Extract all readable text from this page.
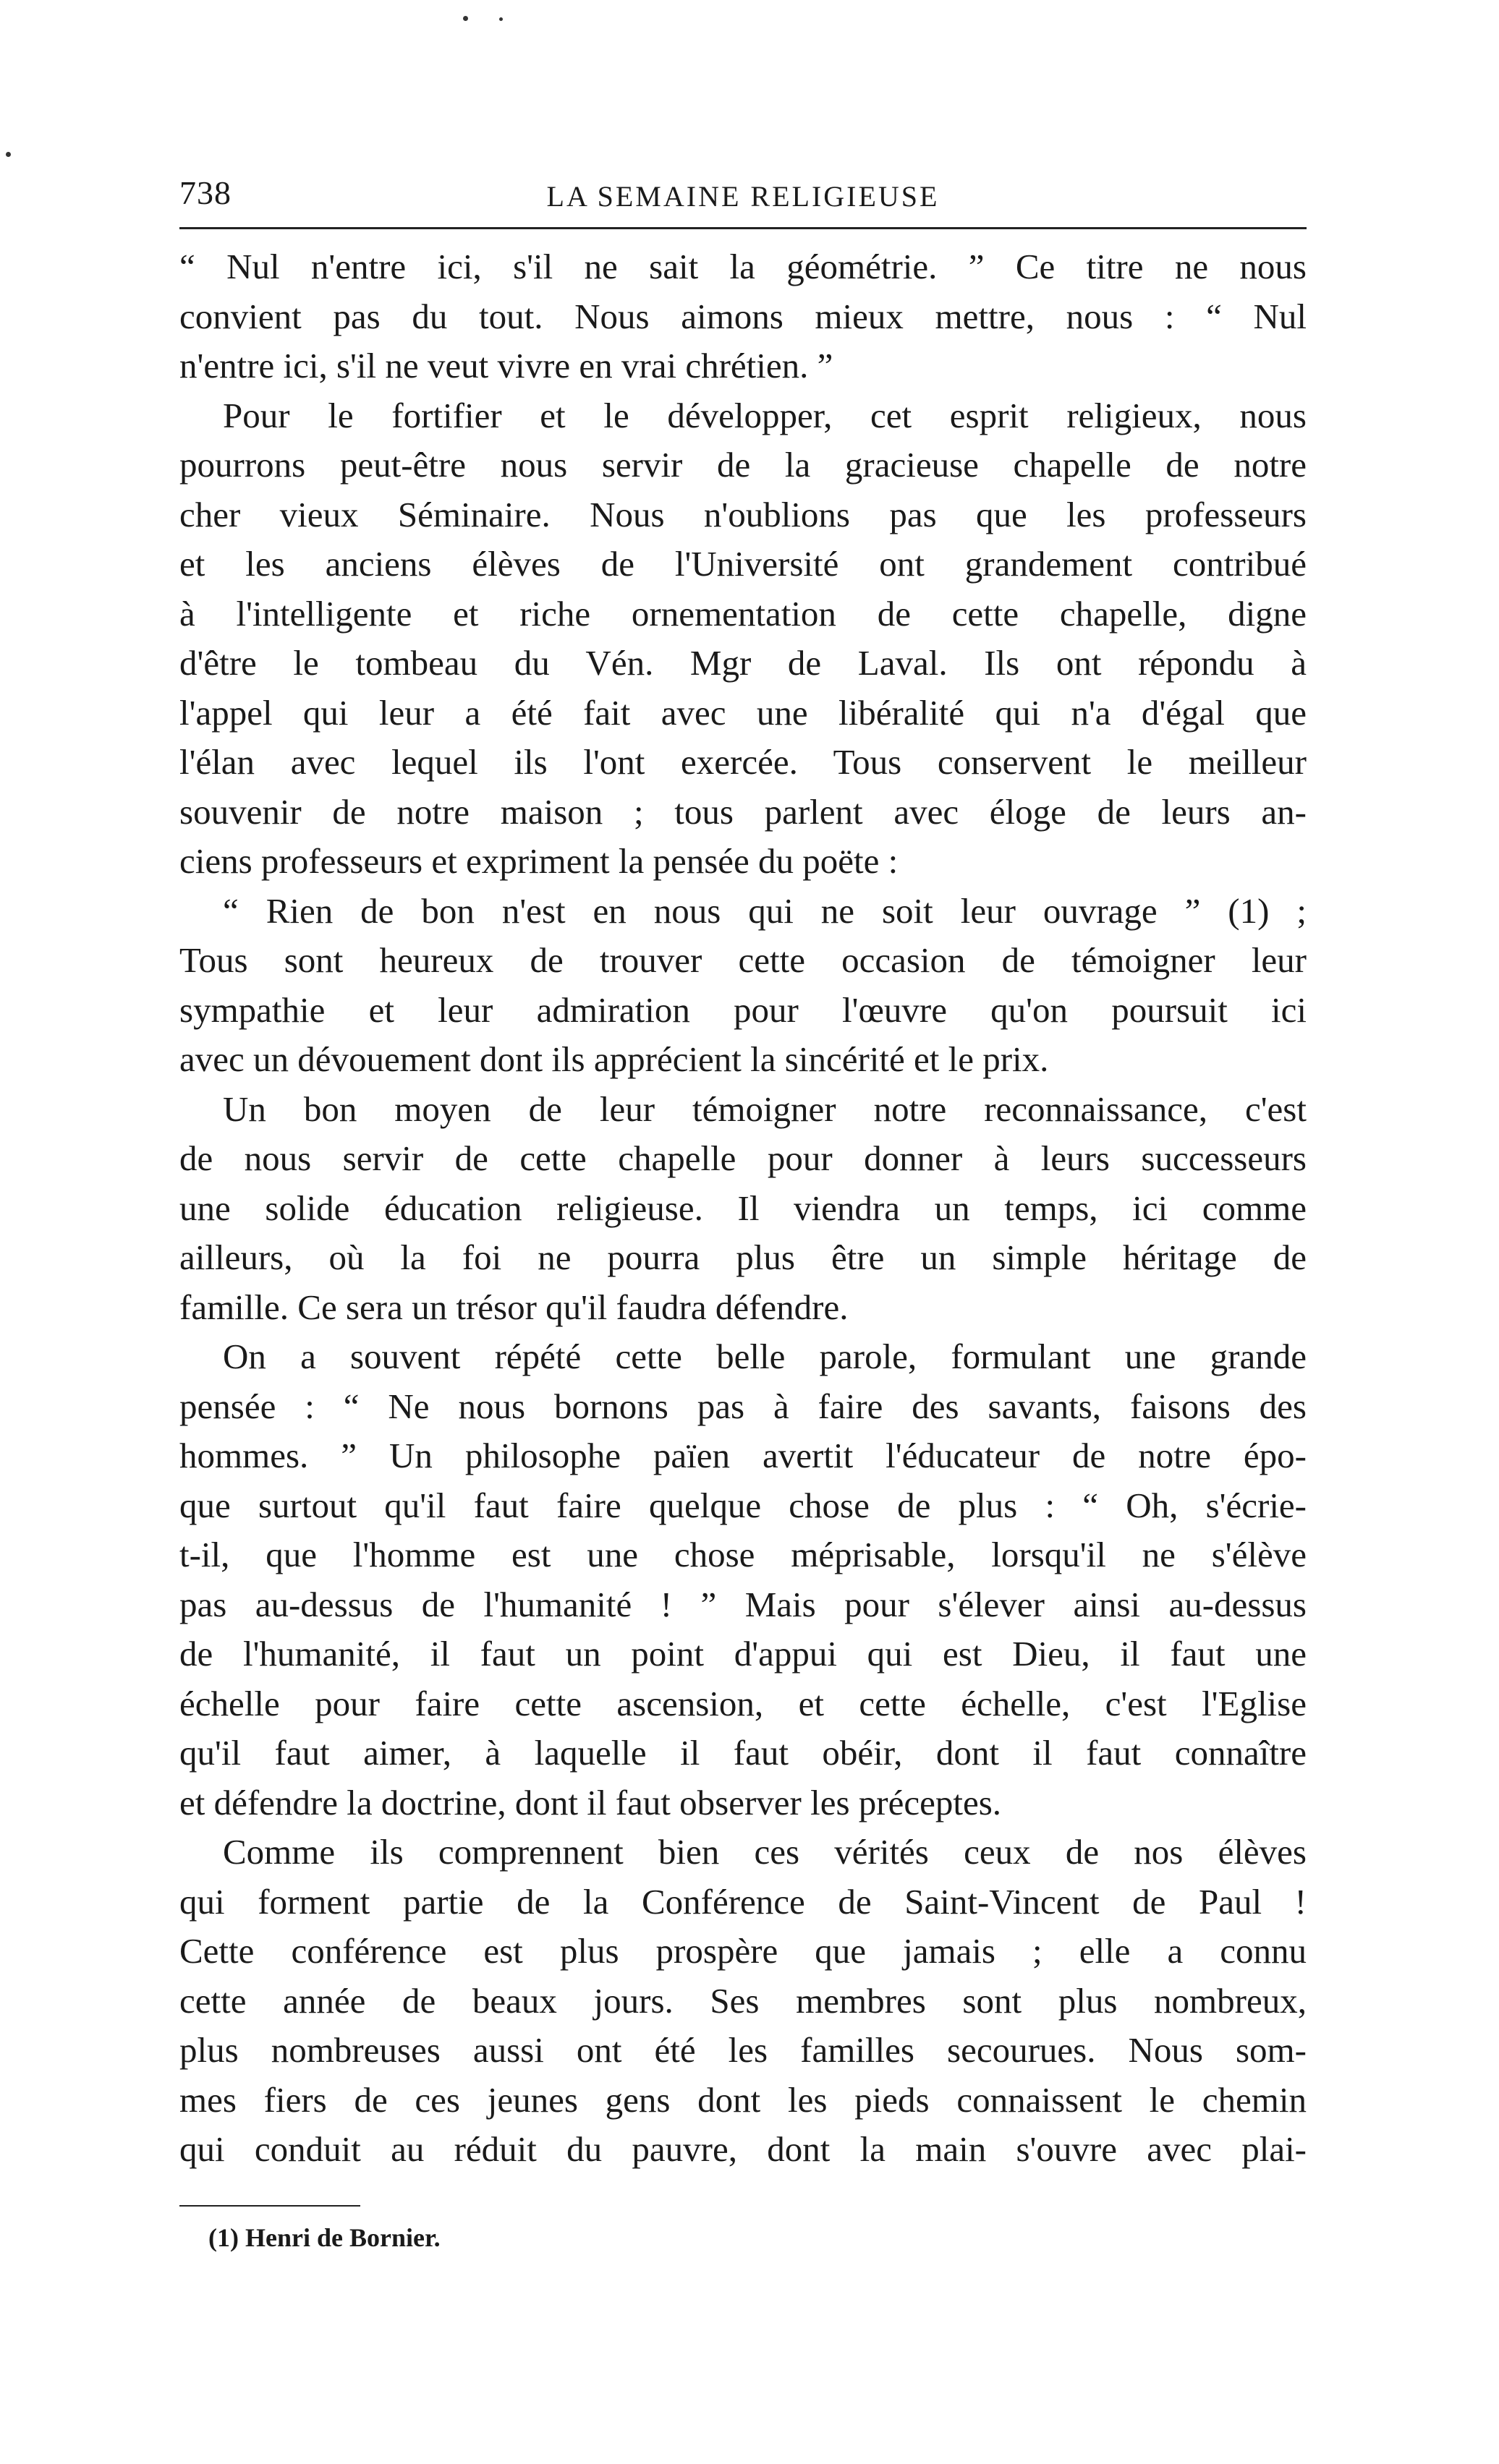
738	LA SEMAINE RELIGIEUSE
“ Nul n'entre ici, s'il ne sait la géométrie. ” Ce titre ne nous
convient pas du tout. Nous aimons mieux mettre, nous : “ Nul
n'entre ici, s'il ne veut vivre en vrai chrétien. ”
Pour le fortifier et le développer, cet esprit religieux, nous
pourrons peut-être nous servir de la gracieuse chapelle de notre
cher vieux Séminaire. Nous n'oublions pas que les professeurs
et les anciens élèves de l'Université ont grandement contribué
à l'intelligente et riche ornementation de cette chapelle, digne
d'être le tombeau du Vén. Mgr de Laval. Ils ont répondu à
l'appel qui leur a été fait avec une libéralité qui n'a d'égal que
l'élan avec lequel ils l'ont exercée. Tous conservent le meilleur
souvenir de notre maison ; tous parlent avec éloge de leurs an-
ciens professeurs et expriment la pensée du poëte :
“ Rien de bon n'est en nous qui ne soit leur ouvrage ” (1) ;
Tous sont heureux de trouver cette occasion de témoigner leur
sympathie et leur admiration pour l'œuvre qu'on poursuit ici
avec un dévouement dont ils apprécient la sincérité et le prix.
Un bon moyen de leur témoigner notre reconnaissance, c'est
de nous servir de cette chapelle pour donner à leurs successeurs
une solide éducation religieuse. Il viendra un temps, ici comme
ailleurs, où la foi ne pourra plus être un simple héritage de
famille. Ce sera un trésor qu'il faudra défendre.
On a souvent répété cette belle parole, formulant une grande
pensée : “ Ne nous bornons pas à faire des savants, faisons des
hommes. ” Un philosophe païen avertit l'éducateur de notre épo-
que surtout qu'il faut faire quelque chose de plus : “ Oh, s'écrie-
t-il, que l'homme est une chose méprisable, lorsqu'il ne s'élève
pas au-dessus de l'humanité ! ” Mais pour s'élever ainsi au-dessus
de l'humanité, il faut un point d'appui qui est Dieu, il faut une
échelle pour faire cette ascension, et cette échelle, c'est l'Eglise
qu'il faut aimer, à laquelle il faut obéir, dont il faut connaître
et défendre la doctrine, dont il faut observer les préceptes.
Comme ils comprennent bien ces vérités ceux de nos élèves
qui forment partie de la Conférence de Saint-Vincent de Paul !
Cette conférence est plus prospère que jamais ; elle a connu
cette année de beaux jours. Ses membres sont plus nombreux,
plus nombreuses aussi ont été les familles secourues. Nous som-
mes fiers de ces jeunes gens dont les pieds connaissent le chemin
qui conduit au réduit du pauvre, dont la main s'ouvre avec plai-
(1) Henri de Bornier.
